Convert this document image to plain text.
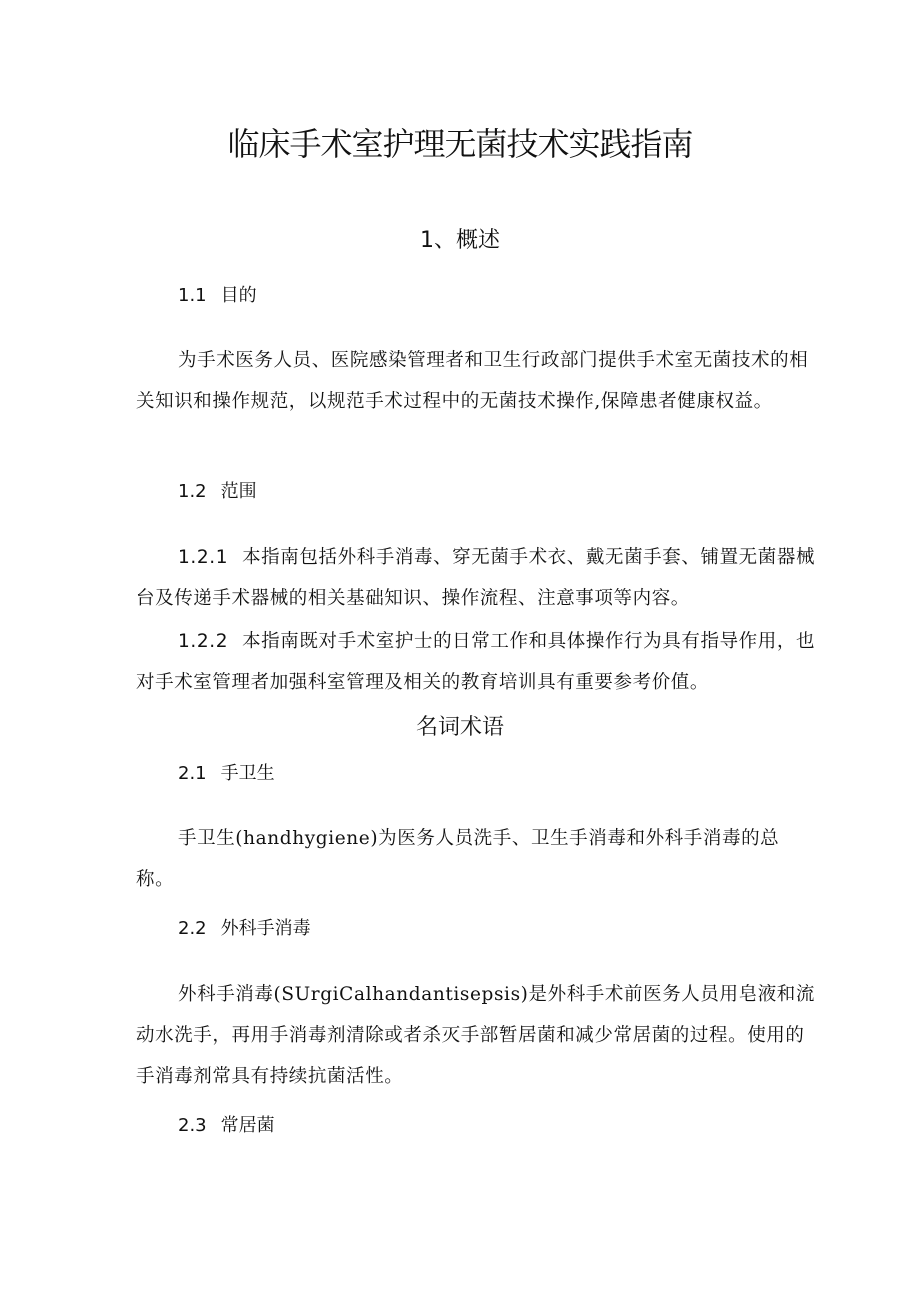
临床手术室护理无菌技术实践指南
1、概述
1.1 目的

为手术医务人员、医院感染管理者和卫生行政部门提供手术室无菌技术的相关知识和操作规范，以规范手术过程中的无菌技术操作,保障患者健康权益。

1.2 范围

1.2.1 本指南包括外科手消毒、穿无菌手术衣、戴无菌手套、铺置无菌器械台及传递手术器械的相关基础知识、操作流程、注意事项等内容。

1.2.2 本指南既对手术室护士的日常工作和具体操作行为具有指导作用，也对手术室管理者加强科室管理及相关的教育培训具有重要参考价值。

名词术语
2.1 手卫生

手卫生(handhygiene)为医务人员洗手、卫生手消毒和外科手消毒的总称。

2.2 外科手消毒

外科手消毒(SUrgiCalhandantisepsis)是外科手术前医务人员用皂液和流动水洗手，再用手消毒剂清除或者杀灭手部暂居菌和减少常居菌的过程。使用的手消毒剂常具有持续抗菌活性。

2.3 常居菌
